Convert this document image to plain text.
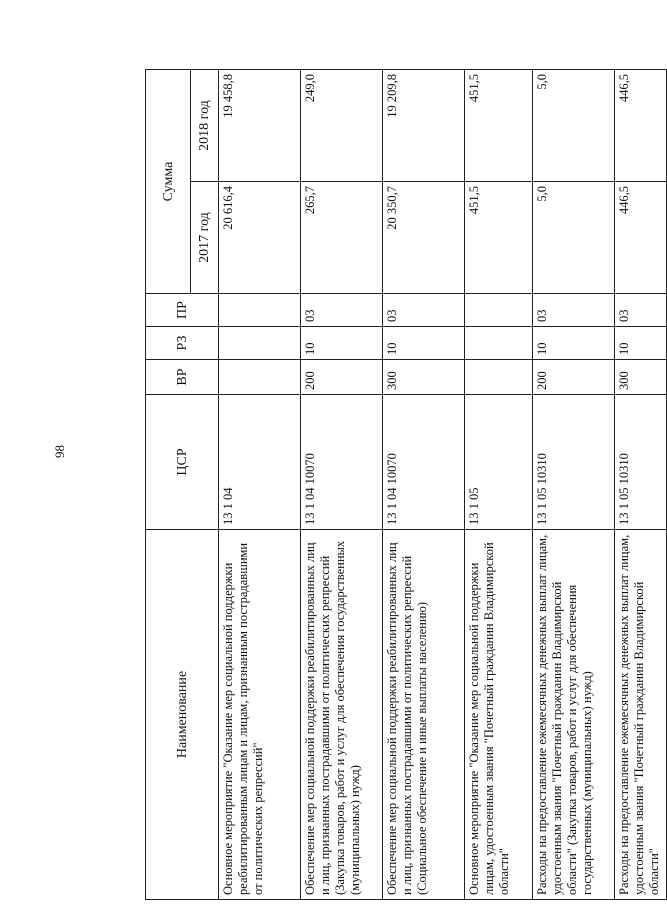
98
Наименование	ЦСР	ВР	РЗ	ПР	Сумма	
					2017 год	2018 год
Основное мероприятие "Оказание мер социальной поддержки реабилитированным лицам и лицам, признанным пострадавшими от политических репрессий"	13 1 04				20 616,4	19 458,8
Обеспечение мер социальной поддержки реабилитированных лиц и лиц, признанных пострадавшими от политических репрессий (Закупка товаров, работ и услуг для обеспечения государственных (муниципальных) нужд)	13 1 04 10070	200	10	03	265,7	249,0
Обеспечение мер социальной поддержки реабилитированных лиц и лиц, признанных пострадавшими от политических репрессий (Социальное обеспечение и иные выплаты населению)	13 1 04 10070	300	10	03	20 350,7	19 209,8
Основное мероприятие "Оказание мер социальной поддержки лицам, удостоенным звания "Почетный гражданин Владимирской области"	13 1 05				451,5	451,5
Расходы на предоставление ежемесячных денежных выплат лицам, удостоенным звания "Почетный гражданин Владимирской области" (Закупка товаров, работ и услуг для обеспечения государственных (муниципальных) нужд)	13 1 05 10310	200	10	03	5,0	5,0
Расходы на предоставление ежемесячных денежных выплат лицам, удостоенным звания "Почетный гражданин Владимирской области"	13 1 05 10310	300	10	03	446,5	446,5
